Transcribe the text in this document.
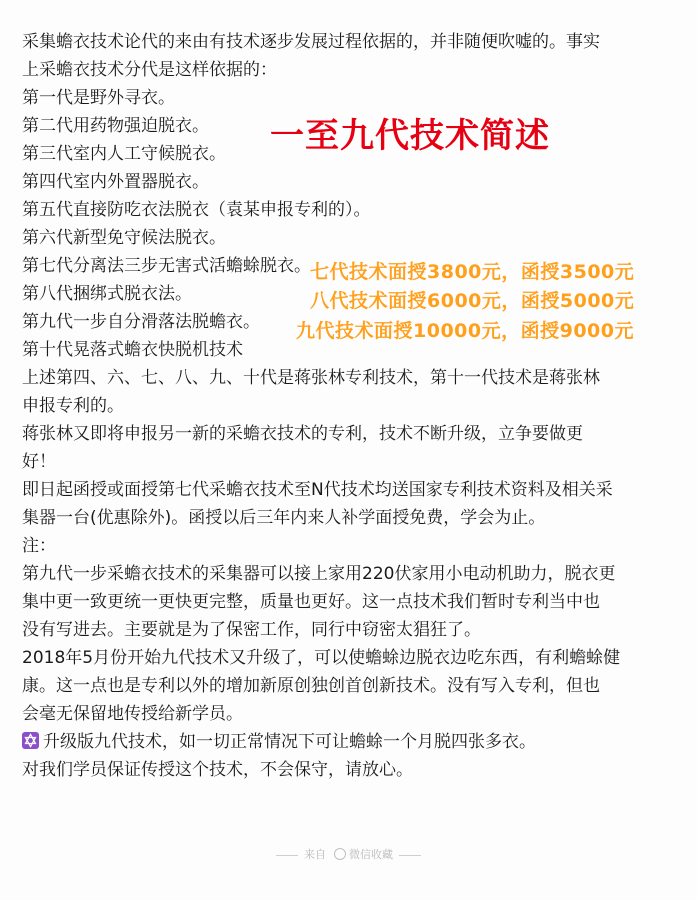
采集蟾衣技术论代的来由有技术逐步发展过程依据的，并非随便吹嘘的。事实

上采蟾衣技术分代是这样依据的：

第一代是野外寻衣。

第二代用药物强迫脱衣。

第三代室内人工守候脱衣。

第四代室内外置器脱衣。

第五代直接防吃衣法脱衣（袁某申报专利的）。

第六代新型免守候法脱衣。

第七代分离法三步无害式活蟾蜍脱衣。

第八代捆绑式脱衣法。

第九代一步自分滑落法脱蟾衣。

第十代晃落式蟾衣快脱机技术

上述第四、六、七、八、九、十代是蒋张林专利技术，第十一代技术是蒋张林

申报专利的。

蒋张林又即将申报另一新的采蟾衣技术的专利，技术不断升级，立争要做更

好！

即日起函授或面授第七代采蟾衣技术至N代技术均送国家专利技术资料及相关采

集器一台(优惠除外)。函授以后三年内来人补学面授免费，学会为止。

注：

第九代一步采蟾衣技术的采集器可以接上家用220伏家用小电动机助力，脱衣更

集中更一致更统一更快更完整，质量也更好。这一点技术我们暂时专利当中也

没有写进去。主要就是为了保密工作，同行中窃密太猖狂了。

2018年5月份开始九代技术又升级了，可以使蟾蜍边脱衣边吃东西，有利蟾蜍健

康。这一点也是专利以外的增加新原创独创首创新技术。没有写入专利，但也

会毫无保留地传授给新学员。

升级版九代技术，如一切正常情况下可让蟾蜍一个月脱四张多衣。

对我们学员保证传授这个技术，不会保守，请放心。

一至九代技术简述
七代技术面授3800元，函授3500元
八代技术面授6000元，函授5000元
九代技术面授10000元，函授9000元
来自 微信收藏
